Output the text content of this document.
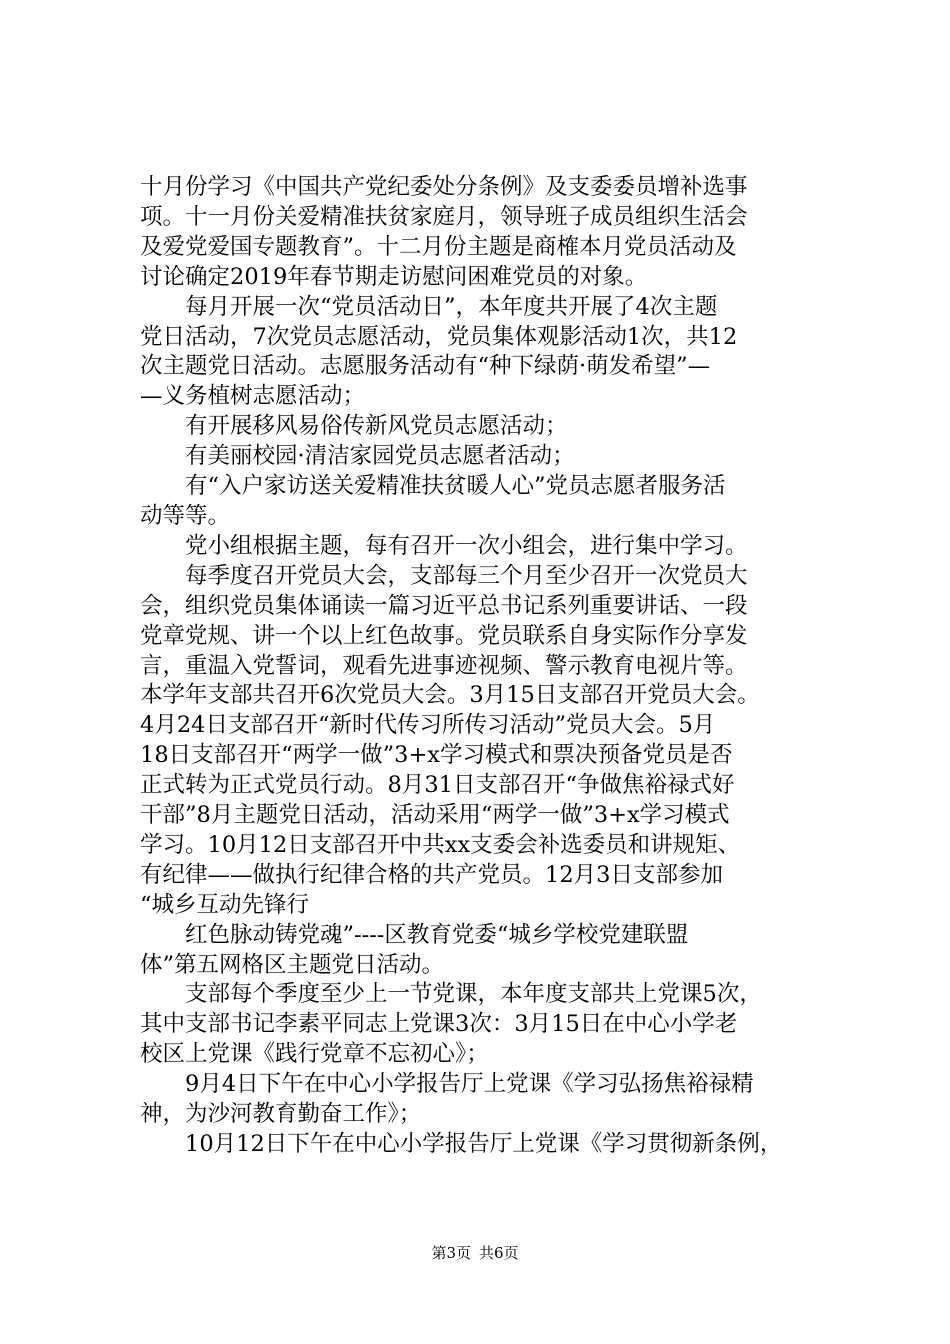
十月份学习《中国共产党纪委处分条例》及支委委员增补选事

项。十一月份关爱精准扶贫家庭月，领导班子成员组织生活会

及爱党爱国专题教育”。十二月份主题是商榷本月党员活动及

讨论确定2019年春节期走访慰问困难党员的对象。

　　每月开展一次“党员活动日”，本年度共开展了4次主题

党日活动，7次党员志愿活动，党员集体观影活动1次，共12

次主题党日活动。志愿服务活动有“种下绿荫·萌发希望”—

—义务植树志愿活动；

　　有开展移风易俗传新风党员志愿活动；

　　有美丽校园·清洁家园党员志愿者活动；

　　有“入户家访送关爱精准扶贫暖人心”党员志愿者服务活

动等等。

　　党小组根据主题，每有召开一次小组会，进行集中学习。

　　每季度召开党员大会，支部每三个月至少召开一次党员大

会，组织党员集体诵读一篇习近平总书记系列重要讲话、一段

党章党规、讲一个以上红色故事。党员联系自身实际作分享发

言，重温入党誓词，观看先进事迹视频、警示教育电视片等。

本学年支部共召开6次党员大会。3月15日支部召开党员大会。

4月24日支部召开“新时代传习所传习活动”党员大会。5月

18日支部召开“两学一做”3+x学习模式和票决预备党员是否

正式转为正式党员行动。8月31日支部召开“争做焦裕禄式好

干部”8月主题党日活动，活动采用“两学一做”3+x学习模式

学习。10月12日支部召开中共xx支委会补选委员和讲规矩、

有纪律——做执行纪律合格的共产党员。12月3日支部参加

“城乡互动先锋行

　　红色脉动铸党魂”----区教育党委“城乡学校党建联盟

体”第五网格区主题党日活动。

　　支部每个季度至少上一节党课，本年度支部共上党课5次，

其中支部书记李素平同志上党课3次：3月15日在中心小学老

校区上党课《践行党章不忘初心》；

　　9月4日下午在中心小学报告厅上党课《学习弘扬焦裕禄精

神，为沙河教育勤奋工作》；

　　10月12日下午在中心小学报告厅上党课《学习贯彻新条例，

第3页 共6页
